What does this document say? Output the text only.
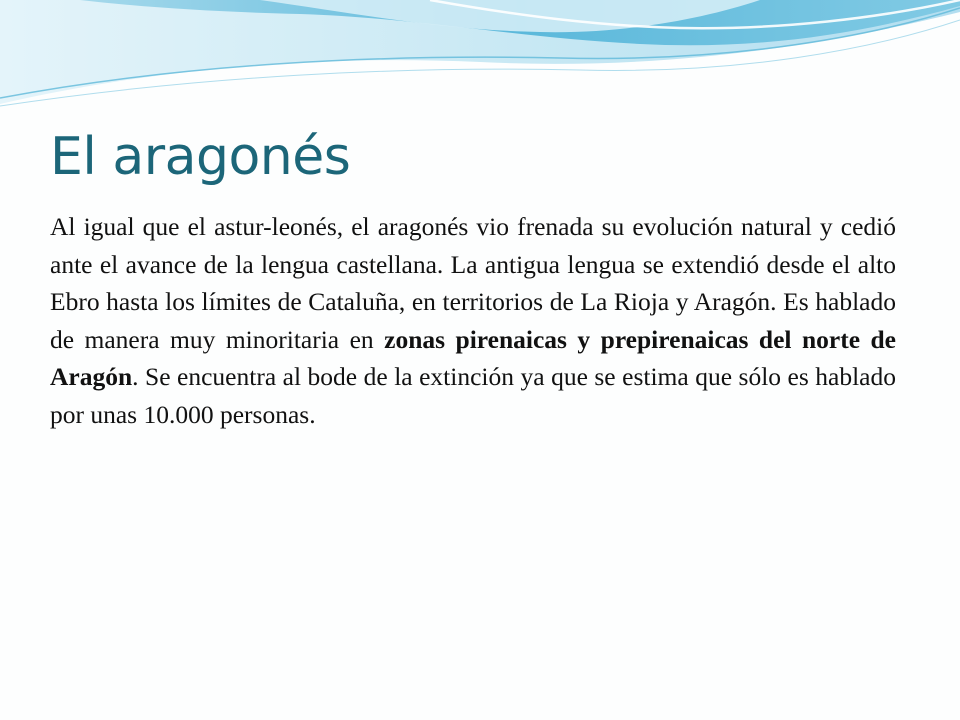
El aragonés

Al igual que el astur-leonés, el aragonés vio frenada su evolución natural y cedió ante el avance de la lengua castellana. La antigua lengua se extendió desde el alto Ebro hasta los límites de Cataluña, en territorios de La Rioja y Aragón. Es hablado de manera muy minoritaria en zonas pirenaicas y prepirenaicas del norte de Aragón. Se encuentra al bode de la extinción ya que se estima que sólo es hablado por unas 10.000 personas.
